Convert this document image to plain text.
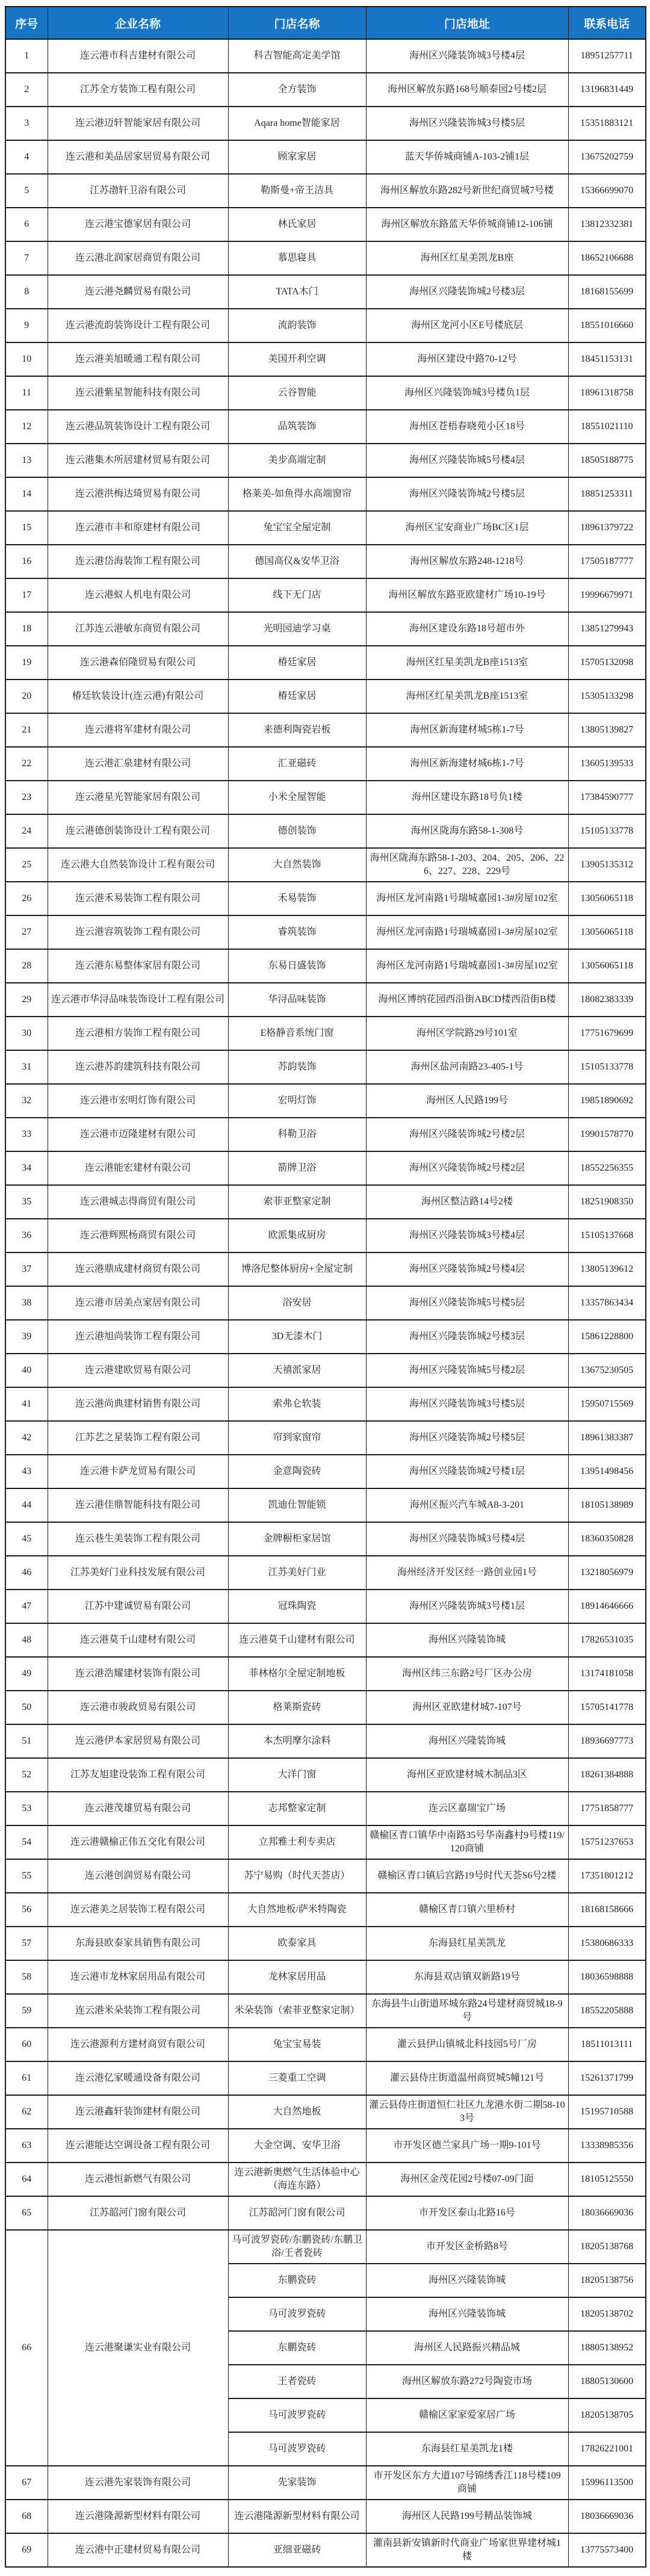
序号	企业名称	门店名称	门店地址	联系电话
1	连云港市科吉建材有限公司	科吉智能高定美学馆	海州区兴隆装饰城3号楼4层	18951257711
2	江苏全方装饰工程有限公司	全方装饰	海州区解放东路168号顺泰园2号楼2层	13196831449
3	连云港迈轩智能家居有限公司	Aqara home智能家居	海州区兴隆装饰城3号楼5层	15351883121
4	连云港和美品居家居贸易有限公司	顾家家居	蓝天华侨城商铺A-103-2铺1层	13675202759
5	江苏渤轩卫浴有限公司	勒斯曼+帝王洁具	海州区解放东路282号新世纪商贸城7号楼	15366699070
6	连云港宝德家居有限公司	林氏家居	海州区解放东路蓝天华侨城商铺12-106铺	13812332381
7	连云港北润家居商贸有限公司	慕思寝具	海州区红星美凯龙B座	18652106688
8	连云港尧麟贸易有限公司	TATA木门	海州区兴隆装饰城2号楼3层	18168155699
9	连云港流韵装饰设计工程有限公司	流韵装饰	海州区龙河小区E号楼底层	18551016660
10	连云港美旭暖通工程有限公司	美国开利空调	海州区建设中路70-12号	18451153131
11	连云港紫星智能科技有限公司	云谷智能	海州区兴隆装饰城3号楼负1层	18961318758
12	连云港品筑装饰设计工程有限公司	品筑装饰	海州区苍梧春晓苑小区18号	18551021110
13	连云港集木所居建材贸易有限公司	美步高端定制	海州区兴隆装饰城5号楼4层	18505188775
14	连云港洪梅达琦贸易有限公司	格莱美-如鱼得水高端窗帘	海州区兴隆装饰城2号楼5层	18851253311
15	连云港市丰和原建材有限公司	兔宝宝全屋定制	海州区宝安商业广场BC区1层	18961379722
16	连云港岱海装饰工程有限公司	德国高仪&安华卫浴	海州区解放东路248-1218号	17505187777
17	连云港蚁人机电有限公司	线下无门店	海州区解放东路亚欧建材广场10-19号	19996679971
18	江苏连云港敏东商贸有限公司	光明园迪学习桌	海州区建设东路18号超市外	13851279943
19	连云港森佰隆贸易有限公司	椿廷家居	海州区红星美凯龙B座1513室	15705132098
20	椿廷软装设计(连云港)有限公司	椿廷家居	海州区红星美凯龙B座1513室	15305133298
21	连云港将军建材有限公司	来德利陶瓷岩板	海州区新海建材城5栋1-7号	13805139827
22	连云港汇泉建材有限公司	汇亚磁砖	海州区新海建材城6栋1-7号	13605139533
23	连云港星光智能家居有限公司	小米全屋智能	海州区建设东路18号负1楼	17384590777
24	连云港德创装饰设计工程有限公司	德创装饰	海州区陇海东路58-1-308号	15105133778
25	连云港大自然装饰设计工程有限公司	大自然装饰	海州区陇海东路58-1-203、204、205、206、226、227、228、229号	13905135312
26	连云港禾易装饰工程有限公司	禾易装饰	海州区龙河南路1号瑞城嘉园1-3#房屋102室	13056065118
27	连云港容筑装饰工程有限公司	睿筑装饰	海州区龙河南路1号瑞城嘉园1-3#房屋102室	13056065118
28	连云港东易整体家居有限公司	东易日盛装饰	海州区龙河南路1号瑞城嘉园1-3#房屋102室	13056065118
29	连云港市华浔品味装饰设计工程有限公司	华浔品味装饰	海州区博纳花园西沿街ABCD楼西沿街B楼	18082383339
30	连云港相方装饰工程有限公司	E格静音系统门窗	海州区学院路29号101室	17751679699
31	连云港苏韵建筑科技有限公司	苏韵装饰	海州区盐河南路23-405-1号	15105133778
32	连云港市宏明灯饰有限公司	宏明灯饰	海州区人民路199号	19851890692
33	连云港市迈隆建材有限公司	科勒卫浴	海州区兴隆装饰城2号楼2层	19901578770
34	连云港能宏建材有限公司	箭牌卫浴	海州区兴隆装饰城2号楼2层	18552256355
35	连云港城志得商贸有限公司	索菲亚整家定制	海州区整洁路14号2楼	18251908350
36	连云港辉熙杨商贸有限公司	欧派集成厨房	海州区兴隆装饰城3号楼4层	15105137668
37	连云港鼎成建材商贸有限公司	博洛尼整体厨房+全屋定制	海州区兴隆装饰城2号楼4层	13805139612
38	连云港市居美点家居有限公司	浴安居	海州区兴隆装饰城5号楼5层	13357863434
39	连云港旭尚装饰工程有限公司	3D无漆木门	海州区兴隆装饰城2号楼3层	15861228800
40	连云港建欧贸易有限公司	天禧派家居	海州区兴隆装饰城5号楼2层	13675230505
41	连云港尚典建材销售有限公司	索弗仑软装	海州区兴隆装饰城3号楼5层	15950715569
42	江苏艺之星装饰工程有限公司	帘到家窗帘	海州区兴隆装饰城2号楼5层	18961383387
43	连云港卡萨龙贸易有限公司	金意陶瓷砖	海州区兴隆装饰城2号楼1层	13951498456
44	连云港佳鼎智能科技有限公司	凯迪仕智能锁	海州区振兴汽车城A8-3-201	18105138989
45	连云巷生美装饰工程有限公司	金牌橱柜家居馆	海州区兴隆装饰城3号楼4层	18360350828
46	江苏美好门业科技发展有限公司	江苏美好门业	海州经济开发区经一路创业园1号	13218056979
47	江苏中建诚贸易有限公司	冠珠陶瓷	海州区兴隆装饰城3号楼1层	18914646666
48	连云港莫千山建材有限公司	连云港莫千山建材有限公司	海州区兴隆装饰城	17826531035
49	连云港浩耀建材装饰有限公司	菲林格尔全屋定制地板	海州区纬三东路2号厂区办公房	13174181058
50	连云港市骏政贸易有限公司	格莱斯瓷砖	海州区亚欧建材城7-107号	15705141778
51	连云港伊本家居贸易有限公司	本杰明摩尔涂料	海州区兴隆装饰城	18936697773
52	江苏友旭建设装饰工程有限公司	大洋门窗	海州区亚欧建材城木制品3区	18261384888
53	连云港茂雄贸易有限公司	志邦整家定制	连云区嘉瑞宝广场	17751858777
54	连云港赣榆正伟五交化有限公司	立邦雅士利专卖店	赣榆区青口镇华中南路35号华南鑫村9号楼119/120商铺	15751237653
55	连云港创润贸易有限公司	苏宁易购（时代天荟店）	赣榆区青口镇后宫路19号时代天荟S6号2楼	17351801212
56	连云港美之居装饰工程有限公司	大自然地板/萨米特陶瓷	赣榆区青口镇六里桥村	18168158666
57	东海县欧泰家具销售有限公司	欧泰家具	东海县红星美凯龙	15380686333
58	连云港市龙林家居用品有限公司	龙林家居用品	东海县双店镇双新路19号	18036598888
59	连云港米朵装饰工程有限公司	米朵装饰（索菲亚整家定制）	东海县牛山街道环城东路24号建材商贸城18-9号	18552205888
60	连云港源利方建材商贸有限公司	兔宝宝易装	灌云县伊山镇城北科技园5号厂房	18511013111
61	连云港亿家暖通设备有限公司	三菱重工空调	灌云县侍庄街道温州商贸城5幢121号	15261371799
62	连云港鑫轩装饰建材有限公司	大自然地板	灌云县侍庄街道恒仁社区九龙港水街二期58-103号	15195710588
63	连云港能达空调设备工程有限公司	大金空调、安华卫浴	市开发区德兰家具广场一期9-101号	13338985356
64	连云港恒新燃气有限公司	连云港新奥燃气生活体验中心（海连东路）	海州区金茂花园2号楼07-09门面	18105125550
65	江苏韶河门窗有限公司	江苏韶河门窗有限公司	市开发区泰山北路16号	18036669036
66	连云港聚谦实业有限公司	马可波罗瓷砖/东鹏瓷砖/东鹏卫浴/王者瓷砖	市开发区金桥路8号	18205138768
		东鹏瓷砖	海州区兴隆装饰城	18205138756
		马可波罗瓷砖	海州区兴隆装饰城	18205138702
		东鹏瓷砖	海州区人民路振兴精品城	18805138952
		王者瓷砖	海州区解放东路272号陶瓷市场	18805130600
		马可波罗瓷砖	赣榆区家家爱家居广场	18205138705
		马可波罗瓷砖	东海县红星美凯龙1楼	17826221001
67	连云港先家装饰有限公司	先家装饰	市开发区东方大道107号锦绣香江118号楼109商铺	15996113500
68	连云港隆源新型材料有限公司	连云港隆源新型材料有限公司	海州区人民路199号精品装饰城	18036669036
69	连云港中正建材贸易有限公司	亚细亚磁砖	灌南县新安镇新时代商业广场家世界建材城1楼	13775573400
